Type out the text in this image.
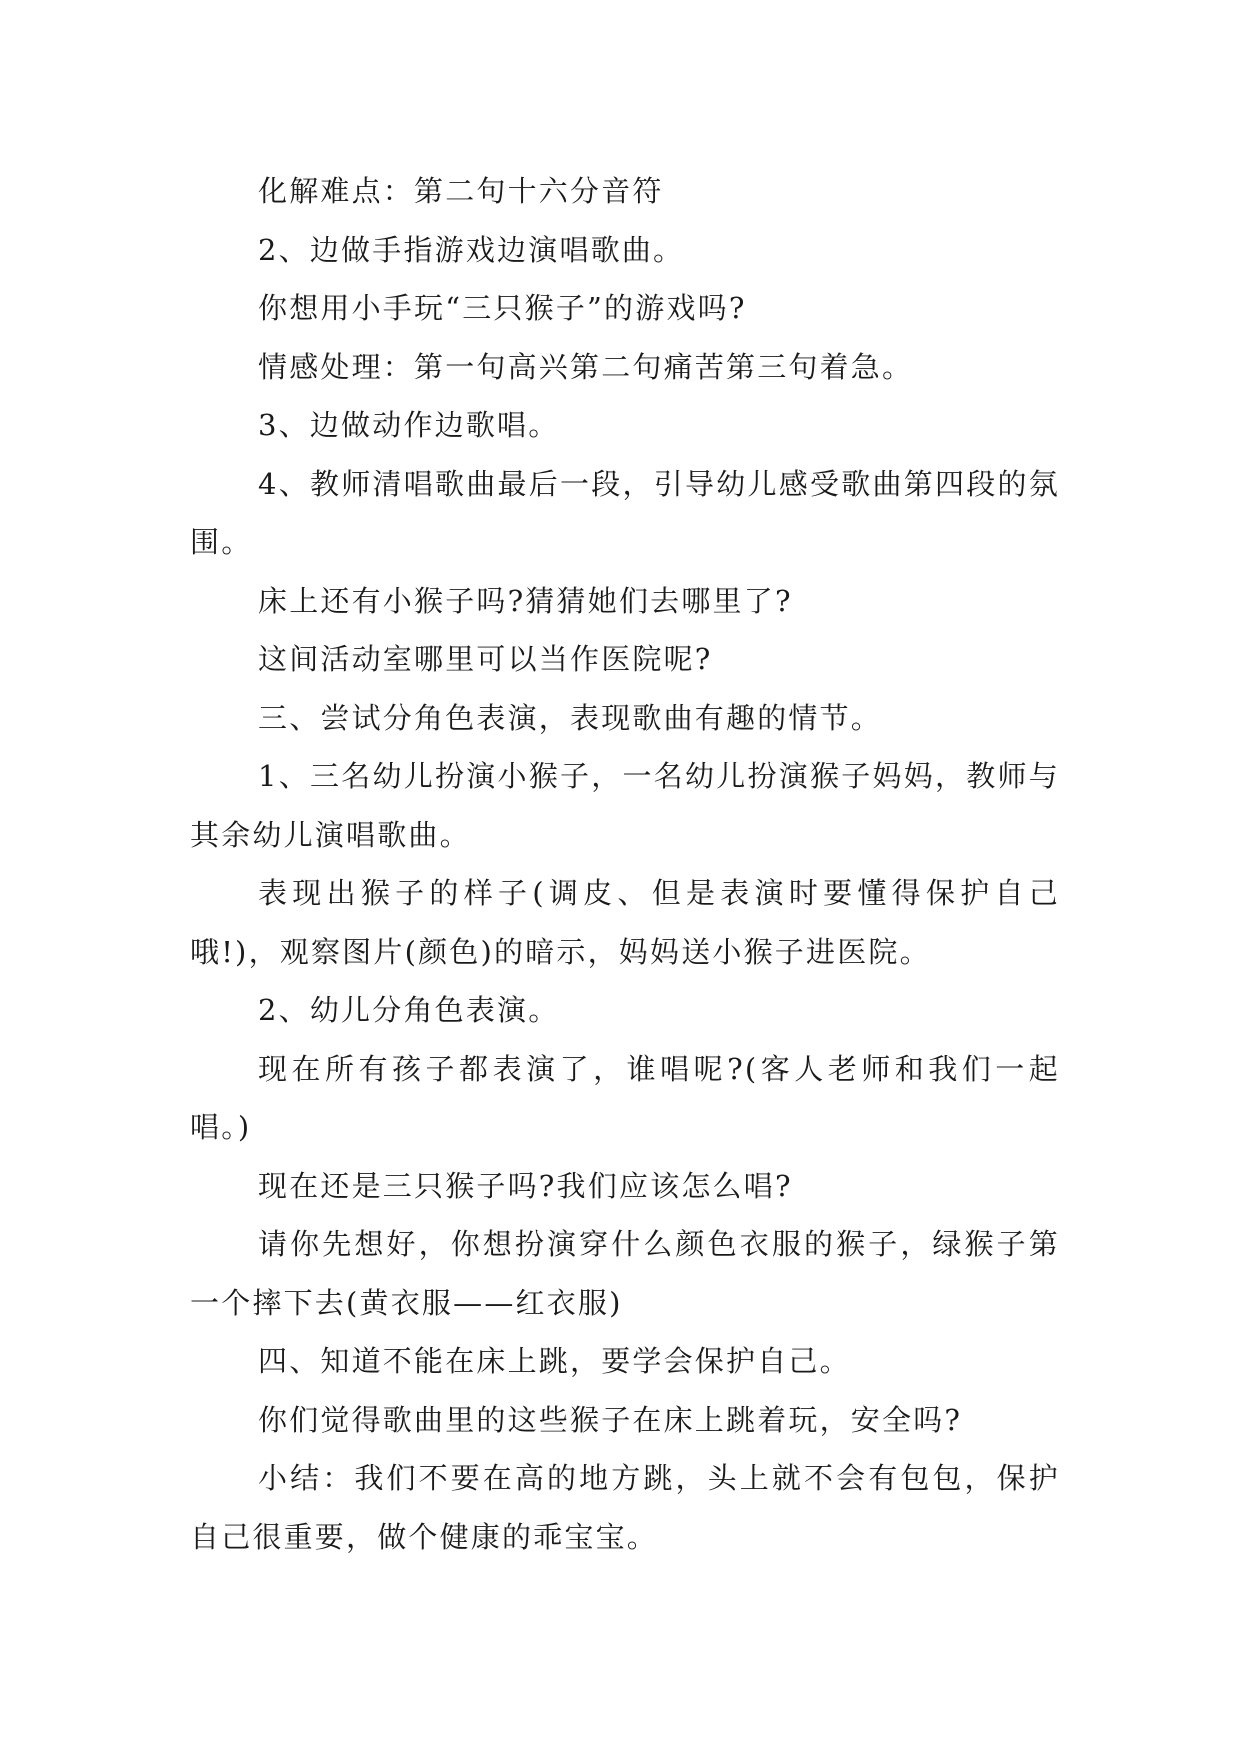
化解难点：第二句十六分音符

2、边做手指游戏边演唱歌曲。

你想用小手玩“三只猴子”的游戏吗?

情感处理：第一句高兴第二句痛苦第三句着急。

3、边做动作边歌唱。

4、教师清唱歌曲最后一段，引导幼儿感受歌曲第四段的氛围。

床上还有小猴子吗?猜猜她们去哪里了?

这间活动室哪里可以当作医院呢?

三、尝试分角色表演，表现歌曲有趣的情节。

1、三名幼儿扮演小猴子，一名幼儿扮演猴子妈妈，教师与其余幼儿演唱歌曲。

表现出猴子的样子(调皮、但是表演时要懂得保护自己哦!)，观察图片(颜色)的暗示，妈妈送小猴子进医院。

2、幼儿分角色表演。

现在所有孩子都表演了，谁唱呢?(客人老师和我们一起唱。)

现在还是三只猴子吗?我们应该怎么唱?

请你先想好，你想扮演穿什么颜色衣服的猴子，绿猴子第一个摔下去(黄衣服——红衣服)

四、知道不能在床上跳，要学会保护自己。

你们觉得歌曲里的这些猴子在床上跳着玩，安全吗?

小结：我们不要在高的地方跳，头上就不会有包包，保护自己很重要，做个健康的乖宝宝。
